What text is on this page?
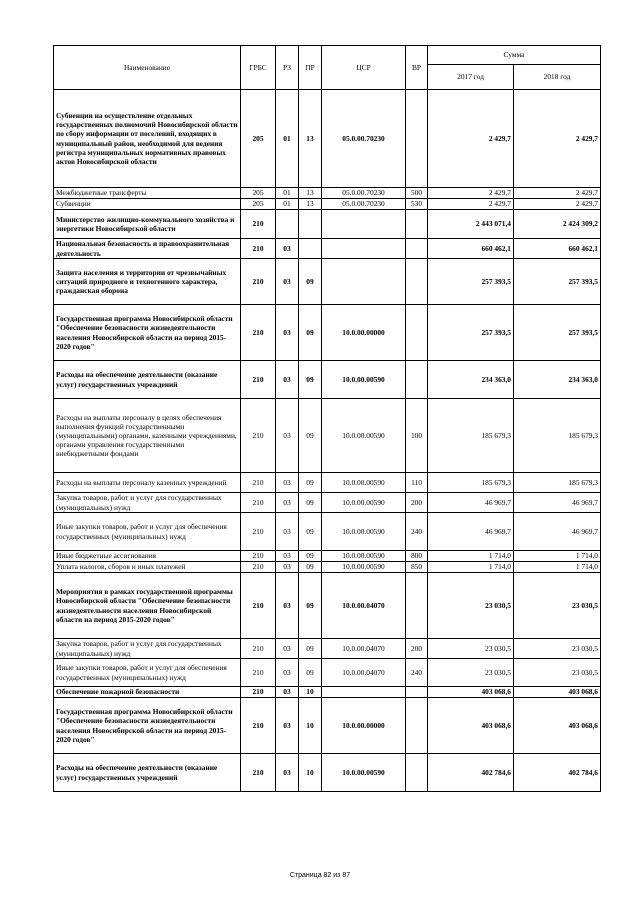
Наименование	ГРБС	РЗ	ПР	ЦСР	ВР	Сумма	
						2017 год	2018 год
Субвенции на осуществление отдельных государственных полномочий Новосибирской области по сбору информации от поселений, входящих в муниципальный район, необходимой для ведения регистра муниципальных нормативных правовых актов Новосибирской области	205	01	13	05.0.00.70230		2 429,7	2 429,7
Межбюджетные трансферты	205	01	13	05.0.00.70230	500	2 429,7	2 429,7
Субвенции	205	01	13	05.0.00.70230	530	2 429,7	2 429,7
Министерство жилищно-коммунального хозяйства и энергетики Новосибирской области	210					2 443 071,4	2 424 309,2
Национальная безопасность и правоохранительная деятельность	210	03				660 462,1	660 462,1
Защита населения и территории от чрезвычайных ситуаций природного и техногенного характера, гражданская оборона	210	03	09			257 393,5	257 393,5
Государственная программа Новосибирской области "Обеспечение безопасности жизнедеятельности населения Новосибирской области на период 2015-2020 годов"	210	03	09	10.0.00.00000		257 393,5	257 393,5
Расходы на обеспечение деятельности (оказание услуг) государственных учреждений	210	03	09	10.0.00.00590		234 363,0	234 363,0
Расходы на выплаты персоналу в целях обеспечения выполнения функций государственными (муниципальными) органами, казенными учреждениями, органами управления государственными внебюджетными фондами	210	03	09	10.0.00.00590	100	185 679,3	185 679,3
Расходы на выплаты персоналу казенных учреждений	210	03	09	10.0.00.00590	110	185 679,3	185 679,3
Закупка товаров, работ и услуг для государственных (муниципальных) нужд	210	03	09	10.0.00.00590	200	46 969,7	46 969,7
Иные закупки товаров, работ и услуг для обеспечения государственных (муниципальных) нужд	210	03	09	10.0.00.00590	240	46 969,7	46 969,7
Иные бюджетные ассигнования	210	03	09	10.0.00.00590	800	1 714,0	1 714,0
Уплата налогов, сборов и иных платежей	210	03	09	10.0.00.00590	850	1 714,0	1 714,0
Мероприятия в рамках государственной программы Новосибирской области "Обеспечение безопасности жизнедеятельности населения Новосибирской области на период 2015-2020 годов"	210	03	09	10.0.00.04070		23 030,5	23 030,5
Закупка товаров, работ и услуг для государственных (муниципальных) нужд	210	03	09	10.0.00.04070	200	23 030,5	23 030,5
Иные закупки товаров, работ и услуг для обеспечения государственных (муниципальных) нужд	210	03	09	10.0.00.04070	240	23 030,5	23 030,5
Обеспечение пожарной безопасности	210	03	10			403 068,6	403 068,6
Государственная программа Новосибирской области "Обеспечение безопасности жизнедеятельности населения Новосибирской области на период 2015-2020 годов"	210	03	10	10.0.00.00000		403 068,6	403 068,6
Расходы на обеспечение деятельности (оказание услуг) государственных учреждений	210	03	10	10.0.00.00590		402 784,6	402 784,6
Страница 82 из 87
